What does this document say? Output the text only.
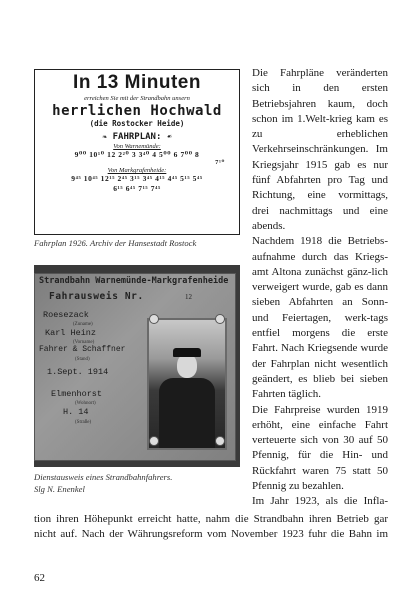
In 13 Minuten
erreichen Sie mit der Strandbahn unsern
herrlichen Hochwald
(die Rostocker Heide)
❧ FAHRPLAN: ☙
Von Warnemünde:
9⁰⁰ 10¹⁰ 12 2²⁰ 3 3⁴⁰ 4 5⁰⁰ 6 7⁰⁰ 8
7¹⁰
Von Markgrafenheide:
9⁴⁵ 10⁴⁵ 12¹⁵ 2⁴⁵ 3¹⁵ 3⁴⁵ 4¹⁵ 4⁴⁵ 5¹⁵ 5⁴⁵
6¹⁵ 6⁴⁵ 7¹⁵ 7⁴⁵
Fahrplan 1926. Archiv der Hansestadt Rostock
Strandbahn Warnemünde-Markgrafenheide
Fahrausweis Nr.	12
Roesezack
(Zuname)
Karl Heinz
(Vorname)
Fahrer & Schaffner
(Stand)
1.Sept. 1914
Elmenhorst
(Wohnort)
H. 14
(Straße)
Dienstausweis eines Strandbahnfahrers.
Slg N. Enenkel

Die Fahrpläne veränderten sich in den ersten Betriebsjahren kaum, doch schon im 1.Welt-krieg kam es zu erheblichen Verkehrseinschränkungen. Im Kriegsjahr 1915 gab es nur fünf Abfahrten pro Tag und Richtung, eine vormittags, drei nachmittags und eine abends.

Nachdem 1918 die Betriebs-aufnahme durch das Kriegs-amt Altona zunächst gänz-lich verweigert wurde, gab es dann sieben Abfahrten an Sonn- und Feiertagen, werk-tags entfiel morgens die erste Fahrt. Nach Kriegsende wurde der Fahrplan nicht wesentlich geändert, es blieb bei sieben Fahrten täglich.

Die Fahrpreise wurden 1919 erhöht, eine einfache Fahrt verteuerte sich von 30 auf 50 Pfennig, für die Hin- und Rückfahrt waren 75 statt 50 Pfennig zu bezahlen.

Im Jahr 1923, als die Infla-

tion ihren Höhepunkt erreicht hatte, nahm die Strandbahn ihren Betrieb gar

nicht auf. Nach der Währungsreform vom November 1923 fuhr die Bahn im

62
